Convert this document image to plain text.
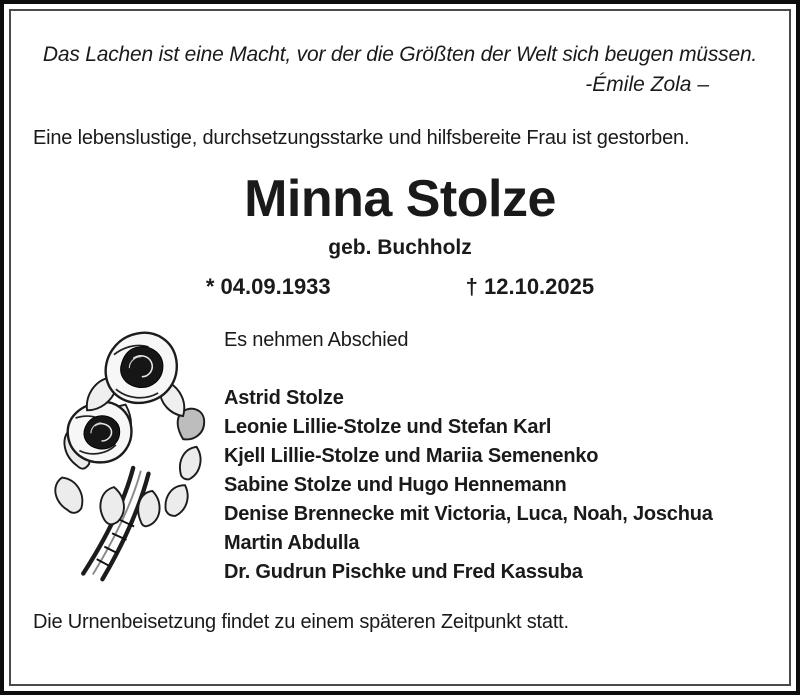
Das Lachen ist eine Macht, vor der die Größten der Welt sich beugen müssen.
-Émile Zola –
Eine lebenslustige, durchsetzungsstarke und hilfsbereite Frau ist gestorben.
Minna Stolze
geb. Buchholz
* 04.09.1933	† 12.10.2025
Es nehmen Abschied
Astrid Stolze
Leonie Lillie-Stolze und Stefan Karl
Kjell Lillie-Stolze und Mariia Semenenko
Sabine Stolze und Hugo Hennemann
Denise Brennecke mit Victoria, Luca, Noah, Joschua
Martin Abdulla
Dr. Gudrun Pischke und Fred Kassuba
Die Urnenbeisetzung findet zu einem späteren Zeitpunkt statt.
